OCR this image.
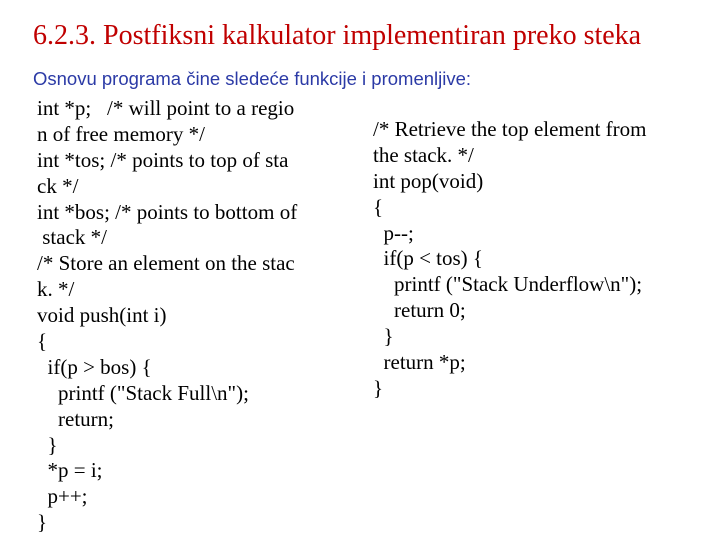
6.2.3. Postfiksni kalkulator implementiran preko steka
Osnovu programa čine sledeće funkcije i promenljive:
int *p;   /* will point to a regio
n of free memory */
int *tos; /* points to top of sta
ck */
int *bos; /* points to bottom of
stack */
/* Store an element on the stac
k. */
void push(int i)
{
if(p > bos) {
printf ("Stack Full\n");
return;
}
*p = i;
p++;
}
/* Retrieve the top element from
the stack. */
int pop(void)
{
p--;
if(p < tos) {
printf ("Stack Underflow\n");
return 0;
}
return *p;
}
